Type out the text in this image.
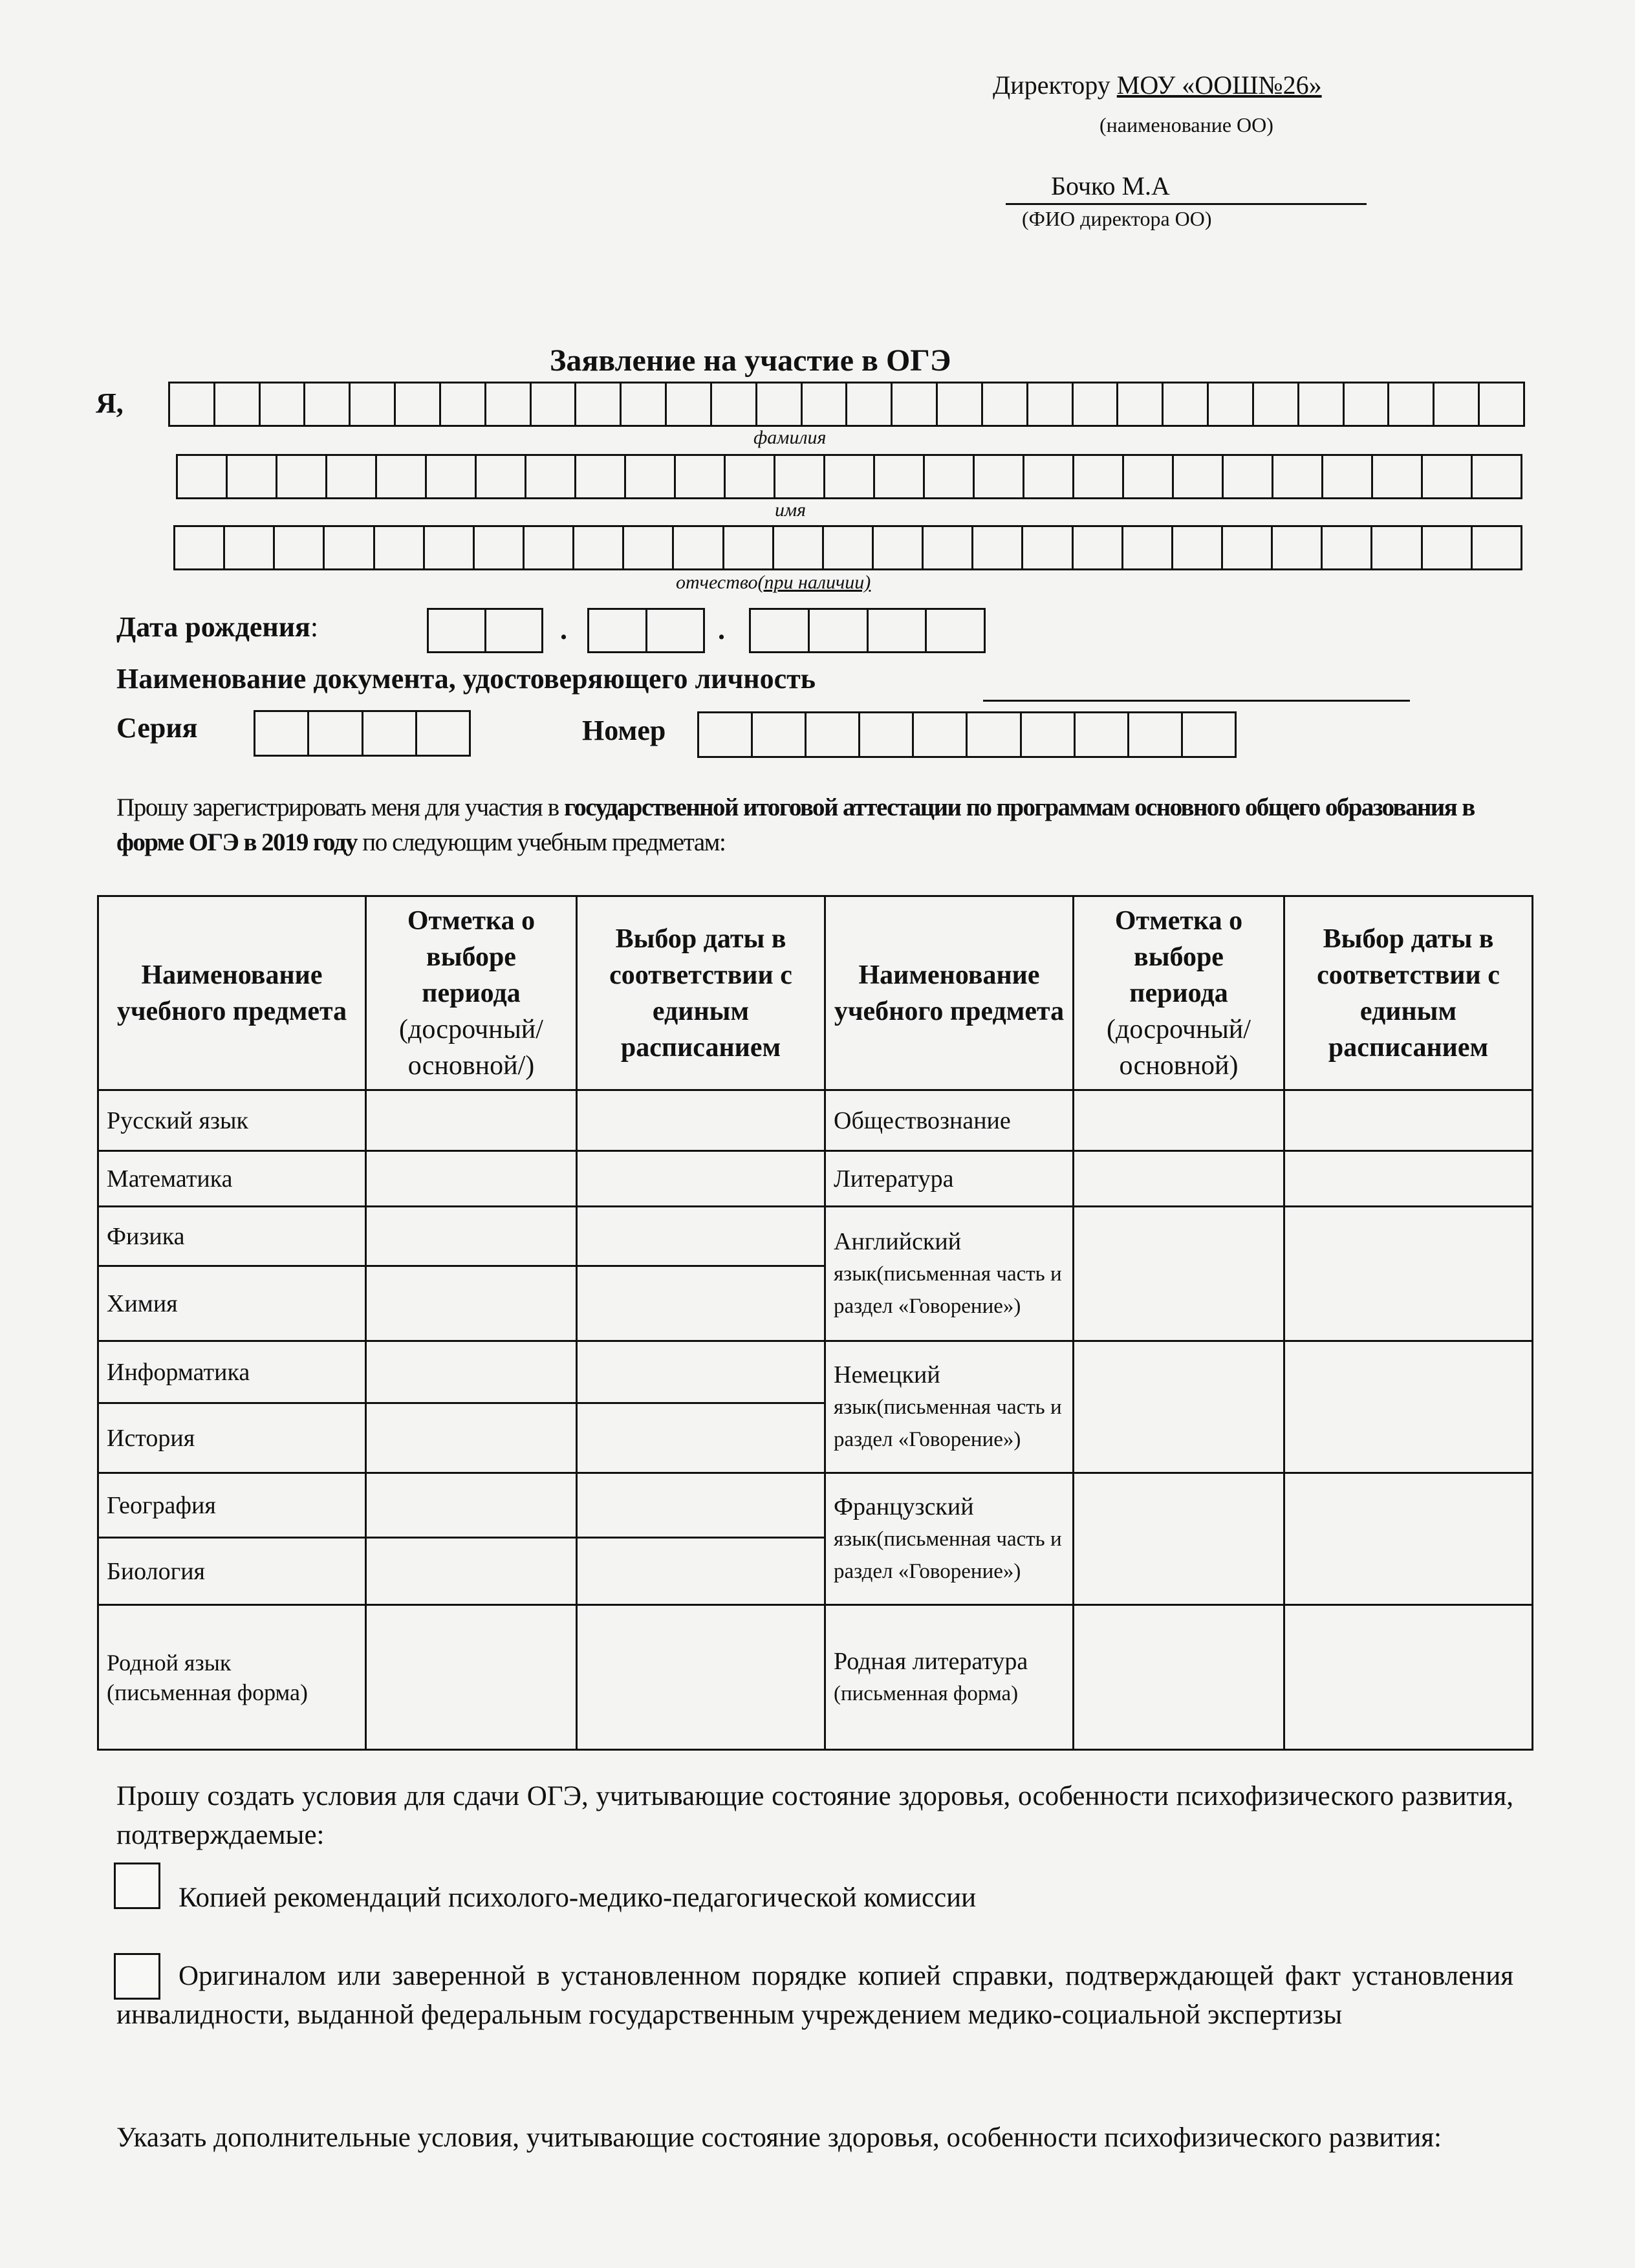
Директору МОУ «ООШ№26»
(наименование ОО)
Бочко М.А
(ФИО директора ОО)
Заявление на участие в ОГЭ
Я,
фамилия
имя
отчество(при наличии)
Дата рождения:	.	.
Наименование документа, удостоверяющего личность
Серия	Номер
Прошу зарегистрировать меня для участия в государственной итоговой аттестации по программам основного общего образования в форме ОГЭ в 2019 году по следующим учебным предметам:
Наименование учебного предмета	Отметка о выборе периода
(досрочный/ основной/)	Выбор даты в соответствии с единым расписанием	Наименование учебного предмета	Отметка о выборе периода
(досрочный/ основной)	Выбор даты в соответствии с единым расписанием
Русский язык			Обществознание		
Математика			Литература		
Физика			Английский язык(письменная часть и раздел «Говорение»)		
Химия					
Информатика			Немецкий язык(письменная часть и раздел «Говорение»)		
История					
География			Французский язык(письменная часть и раздел «Говорение»)		
Биология					
Родной язык (письменная форма)			Родная литература
(письменная форма)		
Прошу создать условия для сдачи ОГЭ, учитывающие состояние здоровья, особенности психофизического развития, подтверждаемые:
Копией рекомендаций психолого-медико-педагогической комиссии
Оригиналом или заверенной в установленном порядке копией справки, подтверждающей факт установления инвалидности, выданной федеральным государственным учреждением медико-социальной экспертизы
Указать дополнительные условия, учитывающие состояние здоровья, особенности психофизического развития:
